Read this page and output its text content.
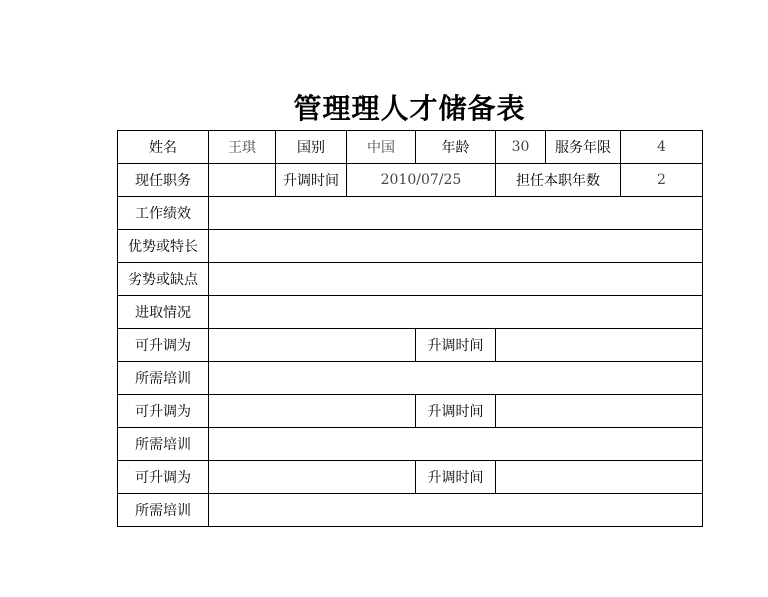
管理理人才储备表
姓名	王琪	国别	中国	年龄	30	服务年限	4
现任职务		升调时间	2010/07/25		担任本职年数		2
工作绩效							
优势或特长							
劣势或缺点							
进取情况							
可升调为				升调时间			
所需培训							
可升调为				升调时间			
所需培训							
可升调为				升调时间			
所需培训							
